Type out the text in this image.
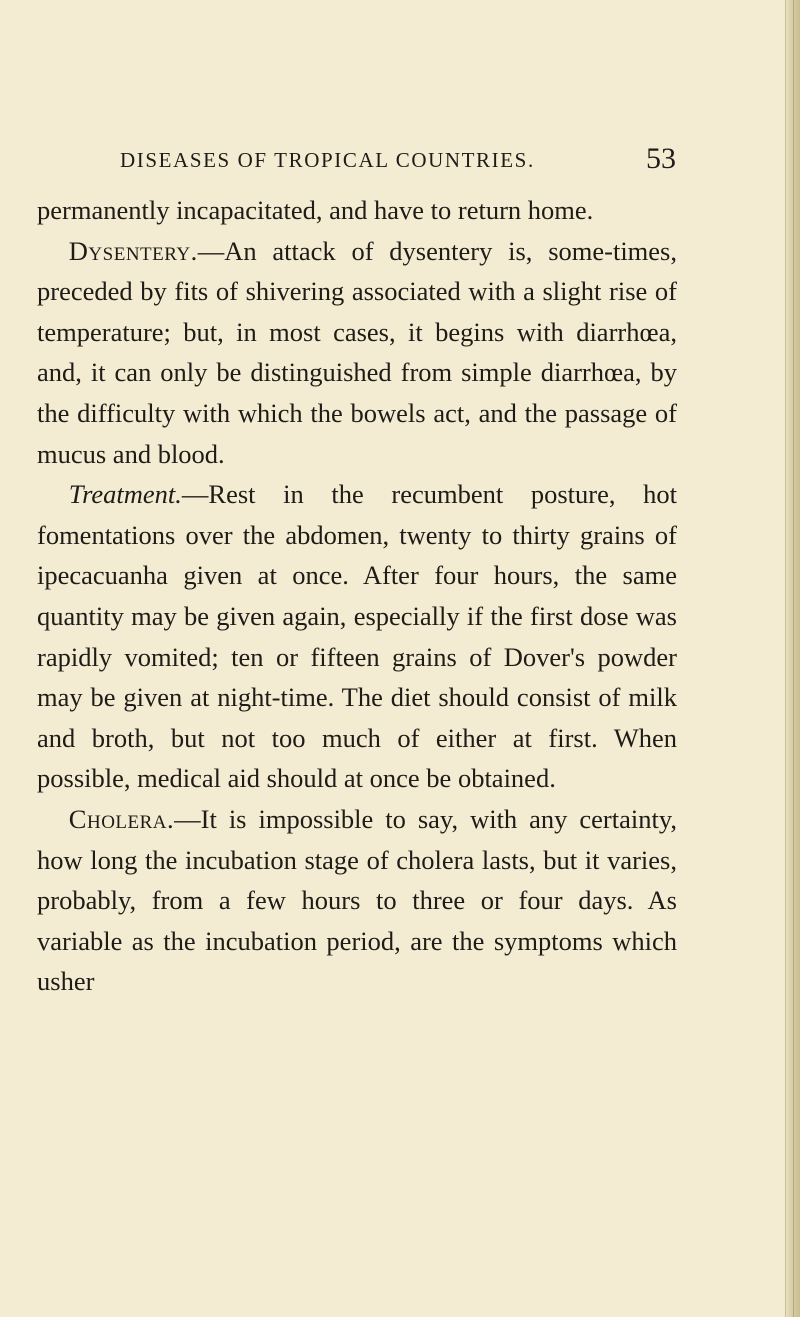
DISEASES OF TROPICAL COUNTRIES.	53

permanently incapacitated, and have to return home.

Dysentery.—An attack of dysentery is, some-times, preceded by fits of shivering associated with a slight rise of temperature; but, in most cases, it begins with diarrhœa, and, it can only be distinguished from simple diarrhœa, by the difficulty with which the bowels act, and the passage of mucus and blood.

Treatment.—Rest in the recumbent posture, hot fomentations over the abdomen, twenty to thirty grains of ipecacuanha given at once. After four hours, the same quantity may be given again, especially if the first dose was rapidly vomited; ten or fifteen grains of Dover's powder may be given at night-time. The diet should consist of milk and broth, but not too much of either at first. When possible, medical aid should at once be obtained.

Cholera.—It is impossible to say, with any certainty, how long the incubation stage of cholera lasts, but it varies, probably, from a few hours to three or four days. As variable as the incubation period, are the symptoms which usher
